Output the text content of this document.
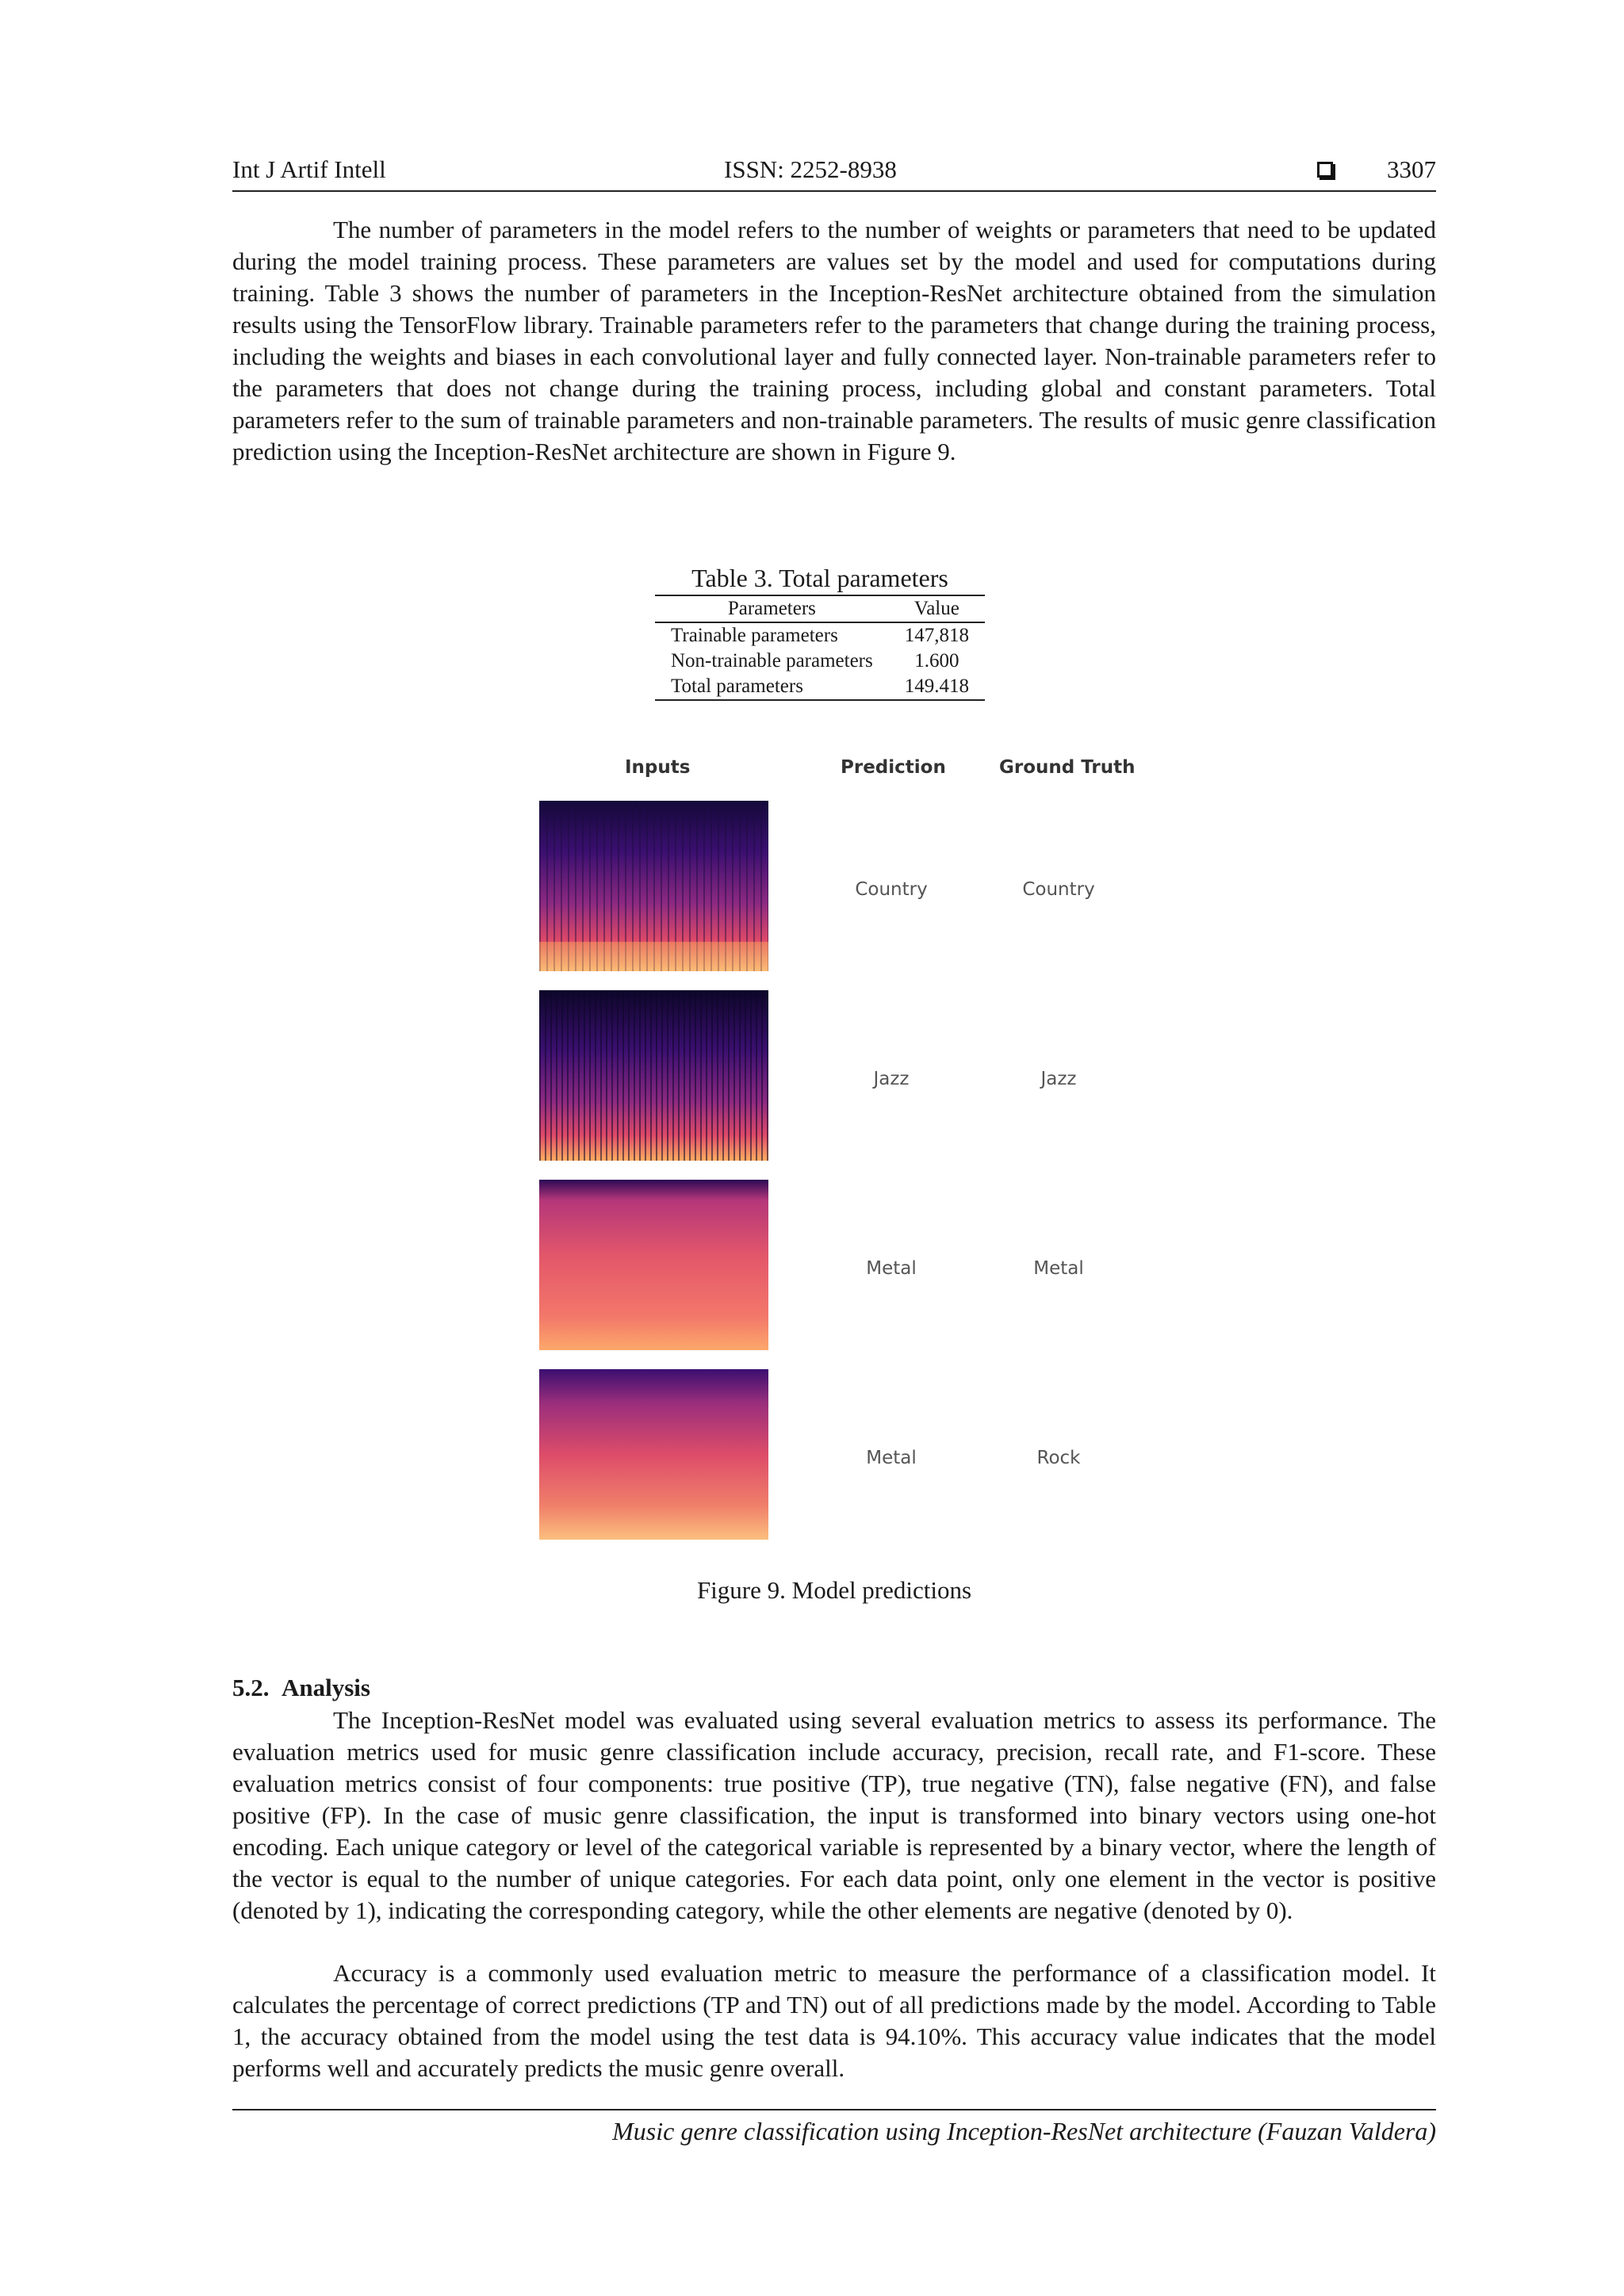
Int J Artif Intell	ISSN: 2252-8938	3307

The number of parameters in the model refers to the number of weights or parameters that need to be updated during the model training process. These parameters are values set by the model and used for computations during training. Table 3 shows the number of parameters in the Inception-ResNet architecture obtained from the simulation results using the TensorFlow library. Trainable parameters refer to the parameters that change during the training process, including the weights and biases in each convolutional layer and fully connected layer. Non-trainable parameters refer to the parameters that does not change during the training process, including global and constant parameters. Total parameters refer to the sum of trainable parameters and non-trainable parameters. The results of music genre classification prediction using the Inception-ResNet architecture are shown in Figure 9.

Table 3. Total parameters
Parameters	Value
Trainable parameters	147,818
Non-trainable parameters	1.600
Total parameters	149.418
Inputs	Prediction	Ground Truth
Country	Country
Jazz	Jazz
Metal	Metal
Metal	Rock
Figure 9. Model predictions
5.2. Analysis

The Inception-ResNet model was evaluated using several evaluation metrics to assess its performance. The evaluation metrics used for music genre classification include accuracy, precision, recall rate, and F1-score. These evaluation metrics consist of four components: true positive (TP), true negative (TN), false negative (FN), and false positive (FP). In the case of music genre classification, the input is transformed into binary vectors using one-hot encoding. Each unique category or level of the categorical variable is represented by a binary vector, where the length of the vector is equal to the number of unique categories. For each data point, only one element in the vector is positive (denoted by 1), indicating the corresponding category, while the other elements are negative (denoted by 0).

Accuracy is a commonly used evaluation metric to measure the performance of a classification model. It calculates the percentage of correct predictions (TP and TN) out of all predictions made by the model. According to Table 1, the accuracy obtained from the model using the test data is 94.10%. This accuracy value indicates that the model performs well and accurately predicts the music genre overall.

Music genre classification using Inception-ResNet architecture (Fauzan Valdera)
